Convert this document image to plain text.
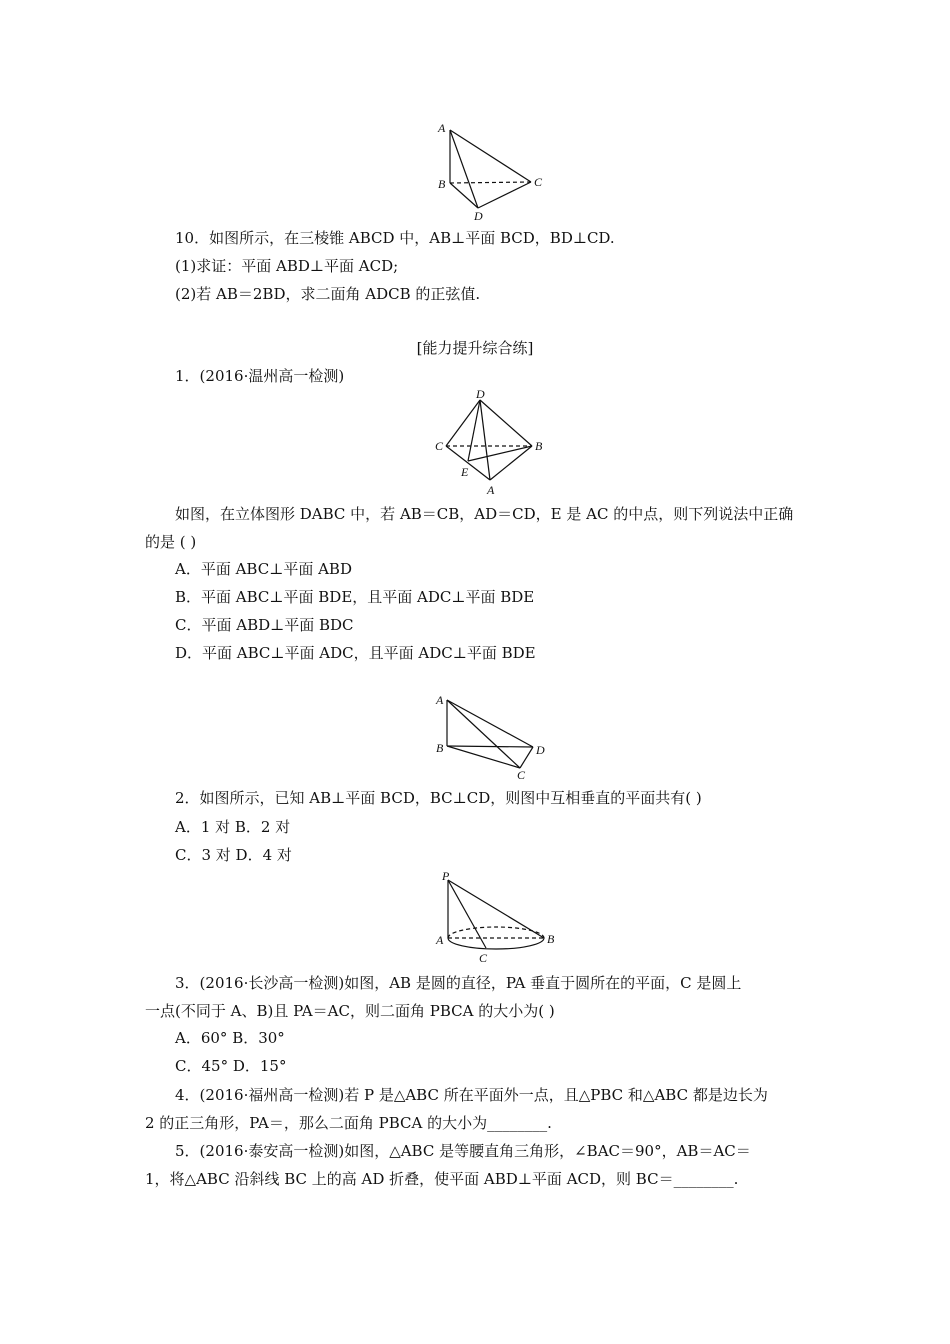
A
B	C
D
10．如图所示，在三棱锥 ABCD 中，AB⊥平面 BCD，BD⊥CD.
(1)求证：平面 ABD⊥平面 ACD;
(2)若 AB＝2BD，求二面角 ADCB 的正弦值.
[能力提升综合练]
1．(2016·温州高一检测)
D
C	B
E
A
如图，在立体图形 DABC 中，若 AB＝CB，AD＝CD，E 是 AC 的中点，则下列说法中正确
的是 ( )
A．平面 ABC⊥平面 ABD
B．平面 ABC⊥平面 BDE，且平面 ADC⊥平面 BDE
C．平面 ABD⊥平面 BDC
D．平面 ABC⊥平面 ADC，且平面 ADC⊥平面 BDE
A
B	D
C
2．如图所示，已知 AB⊥平面 BCD，BC⊥CD，则图中互相垂直的平面共有( )
A．1 对 B．2 对
C．3 对 D．4 对
P
A	B
C
3．(2016·长沙高一检测)如图，AB 是圆的直径，PA 垂直于圆所在的平面，C 是圆上
一点(不同于 A、B)且 PA＝AC，则二面角 PBCA 的大小为( )
A．60° B．30°
C．45° D．15°
4．(2016·福州高一检测)若 P 是△ABC 所在平面外一点，且△PBC 和△ABC 都是边长为
2 的正三角形，PA＝，那么二面角 PBCA 的大小为________.
5．(2016·泰安高一检测)如图，△ABC 是等腰直角三角形，∠BAC＝90°，AB＝AC＝
1，将△ABC 沿斜线 BC 上的高 AD 折叠，使平面 ABD⊥平面 ACD，则 BC＝________.
